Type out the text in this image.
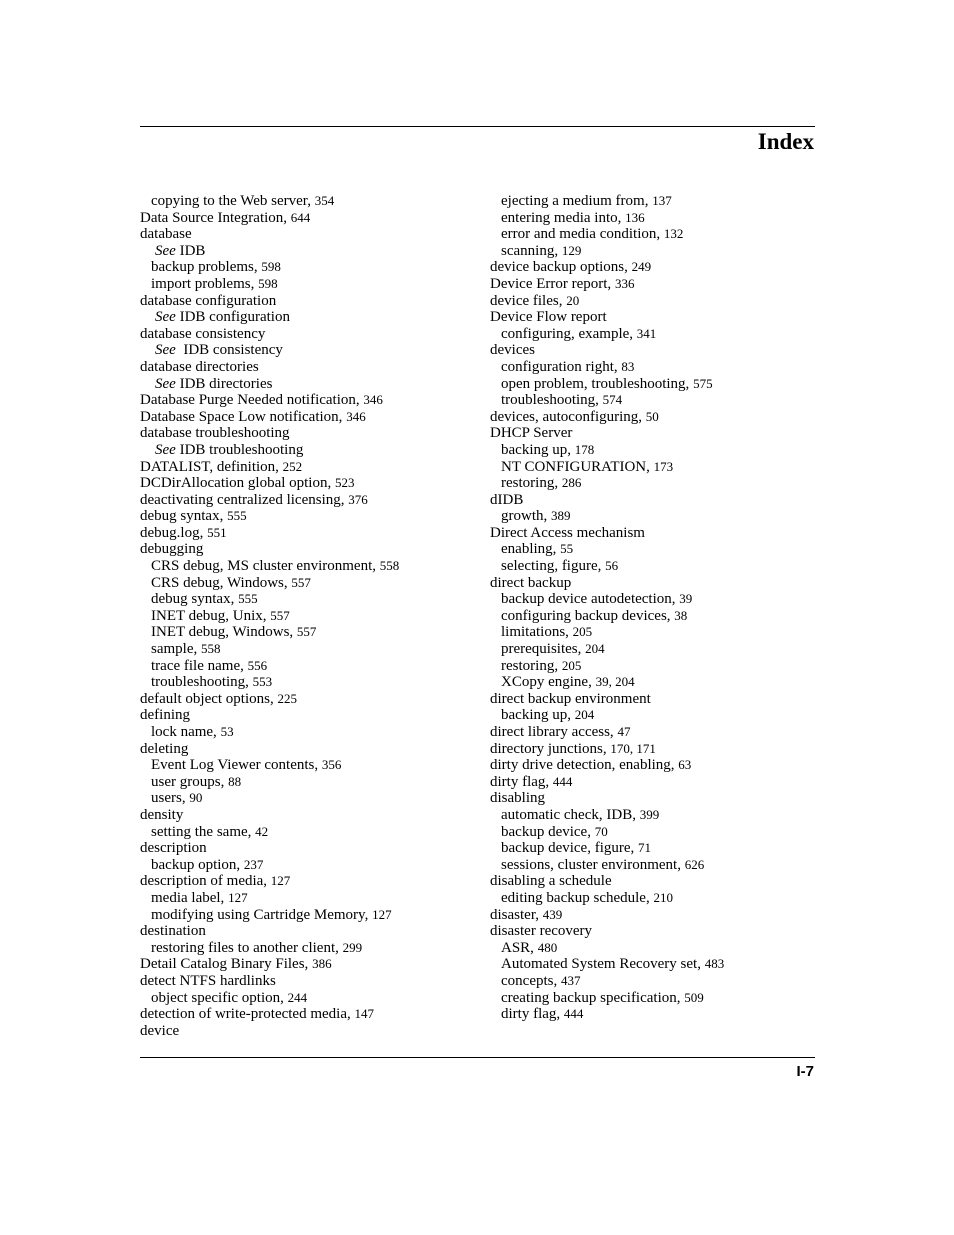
Index
copying to the Web server, 354
Data Source Integration, 644
database
See IDB
backup problems, 598
import problems, 598
database configuration
See IDB configuration
database consistency
See  IDB consistency
database directories
See IDB directories
Database Purge Needed notification, 346
Database Space Low notification, 346
database troubleshooting
See IDB troubleshooting
DATALIST, definition, 252
DCDirAllocation global option, 523
deactivating centralized licensing, 376
debug syntax, 555
debug.log, 551
debugging
CRS debug, MS cluster environment, 558
CRS debug, Windows, 557
debug syntax, 555
INET debug, Unix, 557
INET debug, Windows, 557
sample, 558
trace file name, 556
troubleshooting, 553
default object options, 225
defining
lock name, 53
deleting
Event Log Viewer contents, 356
user groups, 88
users, 90
density
setting the same, 42
description
backup option, 237
description of media, 127
media label, 127
modifying using Cartridge Memory, 127
destination
restoring files to another client, 299
Detail Catalog Binary Files, 386
detect NTFS hardlinks
object specific option, 244
detection of write-protected media, 147
device
ejecting a medium from, 137
entering media into, 136
error and media condition, 132
scanning, 129
device backup options, 249
Device Error report, 336
device files, 20
Device Flow report
configuring, example, 341
devices
configuration right, 83
open problem, troubleshooting, 575
troubleshooting, 574
devices, autoconfiguring, 50
DHCP Server
backing up, 178
NT CONFIGURATION, 173
restoring, 286
dIDB
growth, 389
Direct Access mechanism
enabling, 55
selecting, figure, 56
direct backup
backup device autodetection, 39
configuring backup devices, 38
limitations, 205
prerequisites, 204
restoring, 205
XCopy engine, 39, 204
direct backup environment
backing up, 204
direct library access, 47
directory junctions, 170, 171
dirty drive detection, enabling, 63
dirty flag, 444
disabling
automatic check, IDB, 399
backup device, 70
backup device, figure, 71
sessions, cluster environment, 626
disabling a schedule
editing backup schedule, 210
disaster, 439
disaster recovery
ASR, 480
Automated System Recovery set, 483
concepts, 437
creating backup specification, 509
dirty flag, 444
I-7
